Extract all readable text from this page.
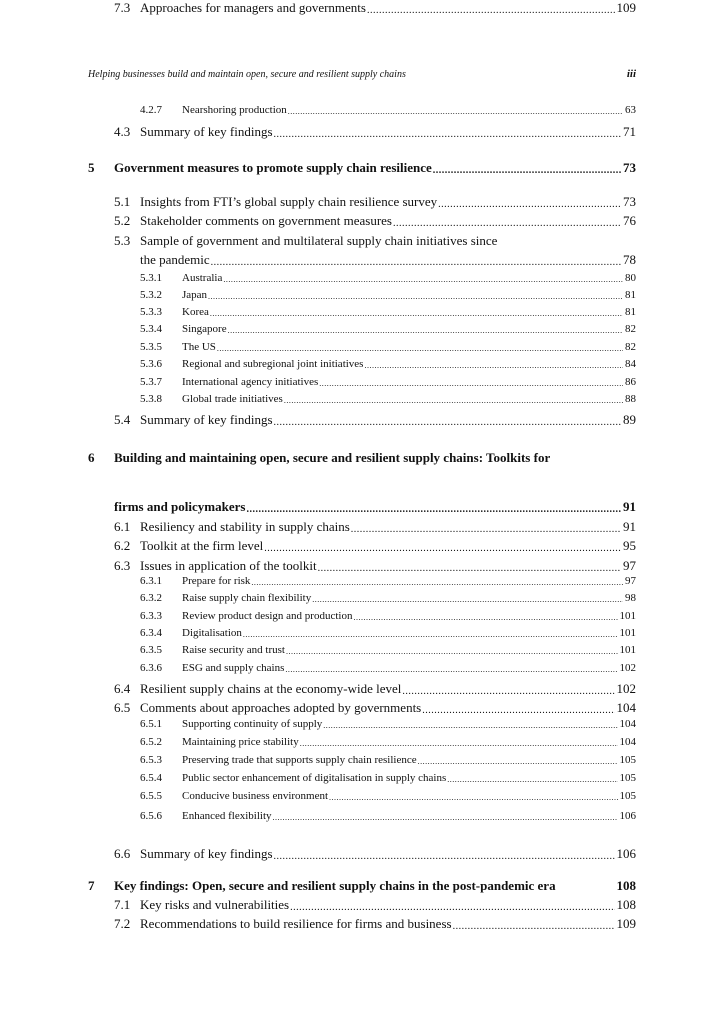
Helping businesses build and maintain open, secure and resilient supply chains	iii
4.2.7	Nearshoring production .....	63
4.3 Summary of key findings .....	71
5	Government measures to promote supply chain resilience .....	73
5.1 Insights from FTI’s global supply chain resilience survey .....	73
5.2 Stakeholder comments on government measures .....	76
5.3 Sample of government and multilateral supply chain initiatives since
the pandemic .....	78
5.3.1	Australia .....	80
5.3.2	Japan .....	81
5.3.3	Korea .....	81
5.3.4	Singapore .....	82
5.3.5	The US .....	82
5.3.6	Regional and subregional joint initiatives .....	84
5.3.7	International agency initiatives .....	86
5.3.8	Global trade initiatives .....	88
5.4 Summary of key findings .....	89
6	Building and maintaining open, secure and resilient supply chains: Toolkits for
firms and policymakers .....	91
6.1 Resiliency and stability in supply chains .....	91
6.2 Toolkit at the firm level .....	95
6.3 Issues in application of the toolkit .....	97
6.3.1	Prepare for risk .....	97
6.3.2	Raise supply chain flexibility .....	98
6.3.3	Review product design and production .....	101
6.3.4	Digitalisation .....	101
6.3.5	Raise security and trust .....	101
6.3.6	ESG and supply chains .....	102
6.4 Resilient supply chains at the economy-wide level .....	102
6.5 Comments about approaches adopted by governments .....	104
6.5.1	Supporting continuity of supply .....	104
6.5.2	Maintaining price stability .....	104
6.5.3	Preserving trade that supports supply chain resilience .....	105
6.5.4	Public sector enhancement of digitalisation in supply chains .....	105
6.5.5	Conducive business environment .....	105
6.5.6	Enhanced flexibility .....	106
6.6 Summary of key findings .....	106
7	Key findings: Open, secure and resilient supply chains in the post-pandemic era	108
7.1 Key risks and vulnerabilities .....	108
7.2 Recommendations to build resilience for firms and business .....	109
7.3 Approaches for managers and governments .....	109
